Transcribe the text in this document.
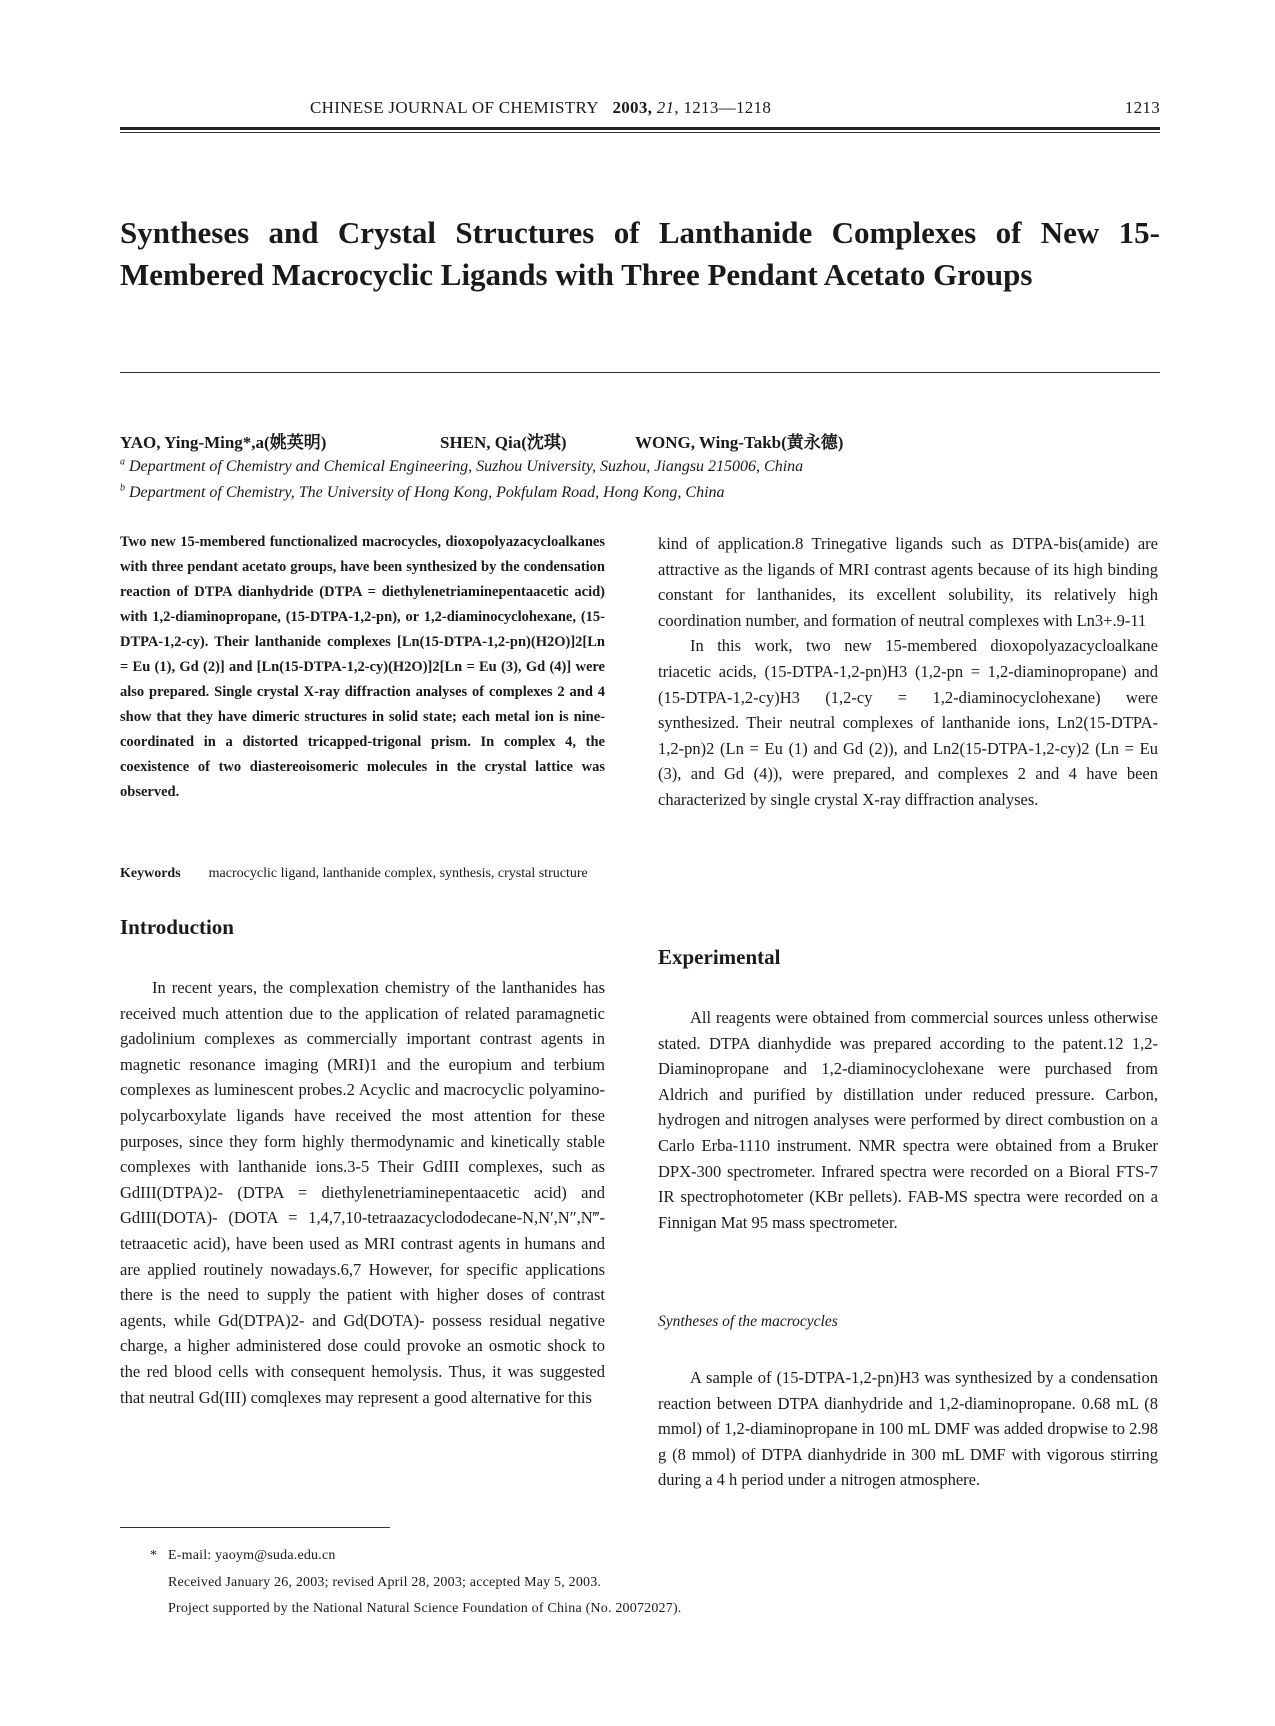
CHINESE JOURNAL OF CHEMISTRY 2003, 21, 1213—1218	1213
Syntheses and Crystal Structures of Lanthanide Complexes of New 15-Membered Macrocyclic Ligands with Three Pendant Acetato Groups
YAO, Ying-Ming*,a(姚英明)	SHEN, Qia(沈琪)	WONG, Wing-Takb(黄永德)
$^a$ Department of Chemistry and Chemical Engineering, Suzhou University, Suzhou, Jiangsu 215006, China
$^b$ Department of Chemistry, The University of Hong Kong, Pokfulam Road, Hong Kong, China
Two new 15-membered functionalized macrocycles, dioxopolyazacycloalkanes with three pendant acetato groups, have been synthesized by the condensation reaction of DTPA dianhydride (DTPA = diethylenetriaminepentaacetic acid) with 1,2-diaminopropane, (15-DTPA-1,2-pn), or 1,2-diaminocyclohexane, (15-DTPA-1,2-cy). Their lanthanide complexes [Ln(15-DTPA-1,2-pn)(H2O)]2[Ln = Eu (1), Gd (2)] and [Ln(15-DTPA-1,2-cy)(H2O)]2[Ln = Eu (3), Gd (4)] were also prepared. Single crystal X-ray diffraction analyses of complexes 2 and 4 show that they have dimeric structures in solid state; each metal ion is nine-coordinated in a distorted tricapped-trigonal prism. In complex 4, the coexistence of two diastereoisomeric molecules in the crystal lattice was observed.
Keywords macrocyclic ligand, lanthanide complex, synthesis, crystal structure
Introduction

In recent years, the complexation chemistry of the lanthanides has received much attention due to the application of related paramagnetic gadolinium complexes as commercially important contrast agents in magnetic resonance imaging (MRI)1 and the europium and terbium complexes as luminescent probes.2 Acyclic and macrocyclic polyamino-polycarboxylate ligands have received the most attention for these purposes, since they form highly thermodynamic and kinetically stable complexes with lanthanide ions.3-5 Their GdIII complexes, such as GdIII(DTPA)2- (DTPA = diethylenetriaminepentaacetic acid) and GdIII(DOTA)- (DOTA = 1,4,7,10-tetraazacyclododecane-N,N′,N″,N‴-tetraacetic acid), have been used as MRI contrast agents in humans and are applied routinely nowadays.6,7 However, for specific applications there is the need to supply the patient with higher doses of contrast agents, while Gd(DTPA)2- and Gd(DOTA)- possess residual negative charge, a higher administered dose could provoke an osmotic shock to the red blood cells with consequent hemolysis. Thus, it was suggested that neutral Gd(III) comqlexes may represent a good alternative for this

kind of application.8 Trinegative ligands such as DTPA-bis(amide) are attractive as the ligands of MRI contrast agents because of its high binding constant for lanthanides, its excellent solubility, its relatively high coordination number, and formation of neutral complexes with Ln3+.9-11

In this work, two new 15-membered dioxopolyazacycloalkane triacetic acids, (15-DTPA-1,2-pn)H3 (1,2-pn = 1,2-diaminopropane) and (15-DTPA-1,2-cy)H3 (1,2-cy = 1,2-diaminocyclohexane) were synthesized. Their neutral complexes of lanthanide ions, Ln2(15-DTPA-1,2-pn)2 (Ln = Eu (1) and Gd (2)), and Ln2(15-DTPA-1,2-cy)2 (Ln = Eu (3), and Gd (4)), were prepared, and complexes 2 and 4 have been characterized by single crystal X-ray diffraction analyses.

Experimental

All reagents were obtained from commercial sources unless otherwise stated. DTPA dianhydide was prepared according to the patent.12 1,2-Diaminopropane and 1,2-diaminocyclohexane were purchased from Aldrich and purified by distillation under reduced pressure. Carbon, hydrogen and nitrogen analyses were performed by direct combustion on a Carlo Erba-1110 instrument. NMR spectra were obtained from a Bruker DPX-300 spectrometer. Infrared spectra were recorded on a Bioral FTS-7 IR spectrophotometer (KBr pellets). FAB-MS spectra were recorded on a Finnigan Mat 95 mass spectrometer.

Syntheses of the macrocycles

A sample of (15-DTPA-1,2-pn)H3 was synthesized by a condensation reaction between DTPA dianhydride and 1,2-diaminopropane. 0.68 mL (8 mmol) of 1,2-diaminopropane in 100 mL DMF was added dropwise to 2.98 g (8 mmol) of DTPA dianhydride in 300 mL DMF with vigorous stirring during a 4 h period under a nitrogen atmosphere.

* E-mail: yaoym@suda.edu.cn
Received January 26, 2003; revised April 28, 2003; accepted May 5, 2003.
Project supported by the National Natural Science Foundation of China (No. 20072027).
